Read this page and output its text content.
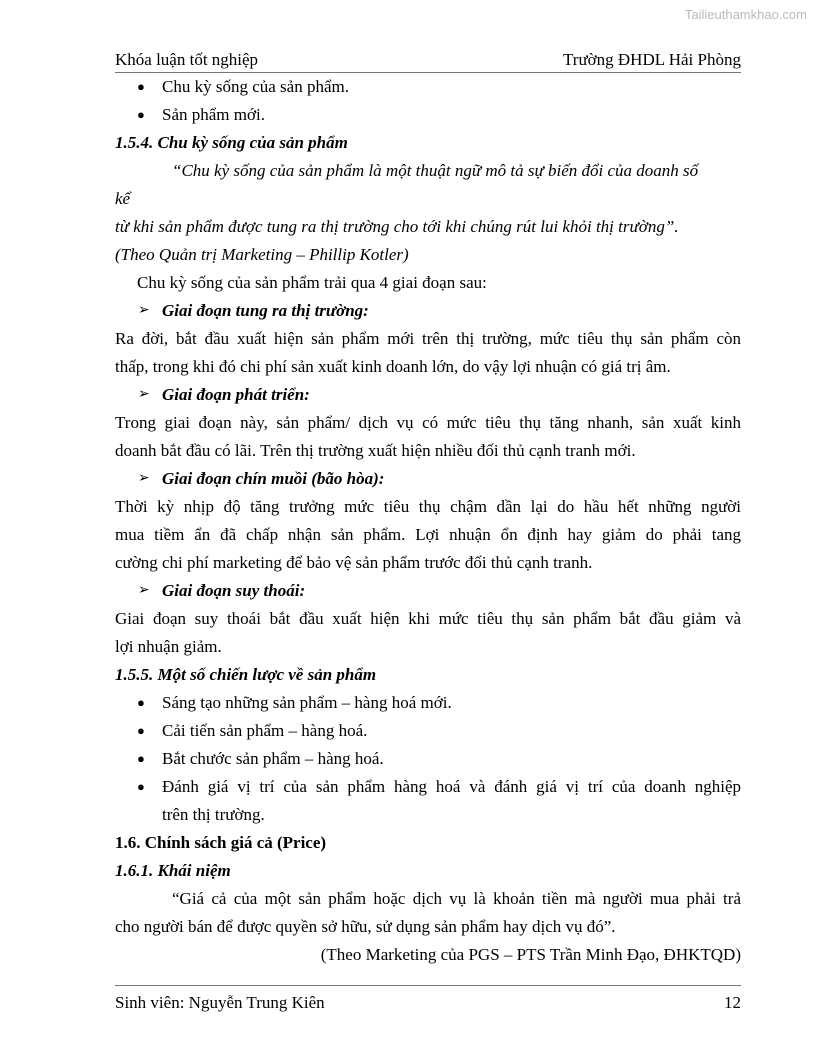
Tailieuthamkhao.com
Khóa luận tốt nghiệp	Trường ĐHDL Hải Phòng
●	Chu kỳ sống của sản phẩm.
●	Sản phẩm mới.
1.5.4. Chu kỳ sống của sản phẩm
“Chu kỳ sống của sản phẩm là một thuật ngữ mô tả sự biến đổi của doanh số
kể
từ khi sản phẩm được tung ra thị trường cho tới khi chúng rút lui khỏi thị trường”.
(Theo Quản trị Marketing – Phillip Kotler)
Chu kỳ sống của sản phẩm trải qua 4 giai đoạn sau:
➢ Giai đoạn tung ra thị trường:
Ra đời, bắt đầu xuất hiện sản phẩm mới trên thị trường, mức tiêu thụ sản phẩm còn
thấp, trong khi đó chi phí sản xuất kinh doanh lớn, do vậy lợi nhuận có giá trị âm.
➢ Giai đoạn phát triển:
Trong giai đoạn này, sản phẩm/ dịch vụ có mức tiêu thụ tăng nhanh, sản xuất kinh
doanh bắt đầu có lãi. Trên thị trường xuất hiện nhiều đối thủ cạnh tranh mới.
➢ Giai đoạn chín muồi (bão hòa):
Thời kỳ nhịp độ tăng trưởng mức tiêu thụ chậm dần lại do hầu hết những người
mua tiềm ẩn đã chấp nhận sản phẩm. Lợi nhuận ổn định hay giảm do phải tang
cường chi phí marketing để bảo vệ sản phẩm trước đối thủ cạnh tranh.
➢ Giai đoạn suy thoái:
Giai đoạn suy thoái bắt đầu xuất hiện khi mức tiêu thụ sản phẩm bắt đầu giảm và
lợi nhuận giảm.
1.5.5. Một số chiến lược về sản phẩm
●	Sáng tạo những sản phẩm – hàng hoá mới.
●	Cải tiến sản phẩm – hàng hoá.
●	Bắt chước sản phẩm – hàng hoá.
●	Đánh giá vị trí của sản phẩm hàng hoá và đánh giá vị trí của doanh nghiệp
trên thị trường.
1.6. Chính sách giá cả (Price)
1.6.1. Khái niệm
“Giá cả của một sản phẩm hoặc dịch vụ là khoản tiền mà người mua phải trả
cho người bán để được quyền sở hữu, sử dụng sản phẩm hay dịch vụ đó”.
(Theo Marketing của PGS – PTS Trần Minh Đạo, ĐHKTQD)
Sinh viên: Nguyễn Trung Kiên	12
